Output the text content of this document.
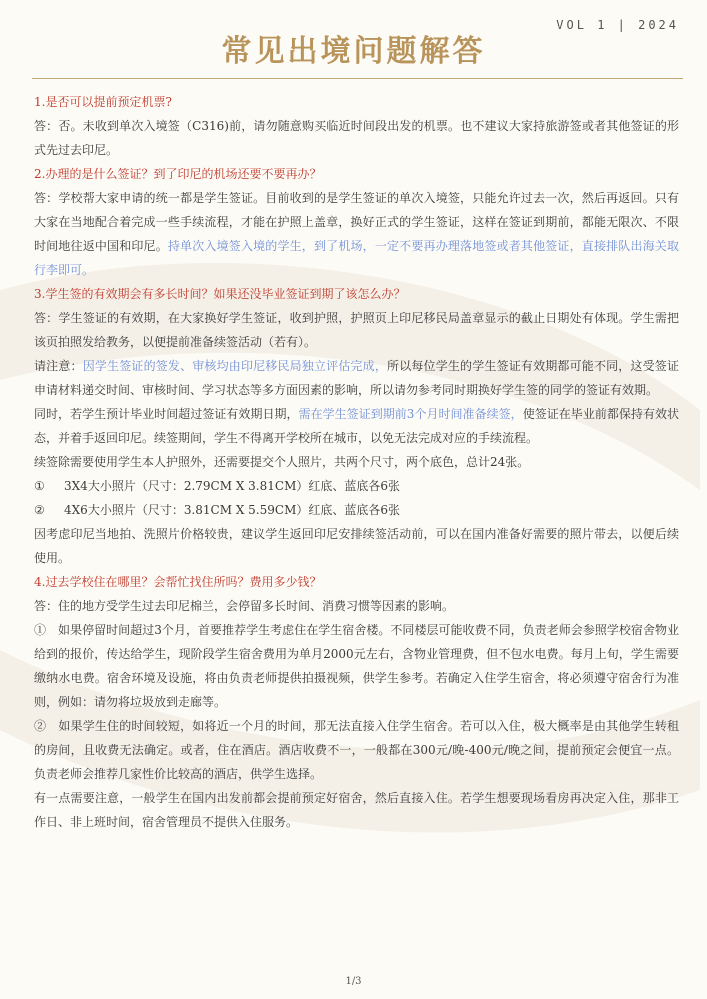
VOL 1 | 2024
常见出境问题解答

1.是否可以提前预定机票?

答：否。未收到单次入境签（C316)前，请勿随意购买临近时间段出发的机票。也不建议大家持旅游签或者其他签证的形式先过去印尼。

2.办理的是什么签证？到了印尼的机场还要不要再办？

答：学校帮大家申请的统一都是学生签证。目前收到的是学生签证的单次入境签，只能允许过去一次，然后再返回。只有大家在当地配合着完成一些手续流程，才能在护照上盖章，换好正式的学生签证，这样在签证到期前，都能无限次、不限时间地往返中国和印尼。持单次入境签入境的学生，到了机场，一定不要再办理落地签或者其他签证，直接排队出海关取行李即可。

3.学生签的有效期会有多长时间？如果还没毕业签证到期了该怎么办？

答：学生签证的有效期，在大家换好学生签证，收到护照，护照页上印尼移民局盖章显示的截止日期处有体现。学生需把该页拍照发给教务，以便提前准备续签活动（若有）。

请注意：因学生签证的签发、审核均由印尼移民局独立评估完成，所以每位学生的学生签证有效期都可能不同，这受签证申请材料递交时间、审核时间、学习状态等多方面因素的影响，所以请勿参考同时期换好学生签的同学的签证有效期。

同时，若学生预计毕业时间超过签证有效期日期，需在学生签证到期前3个月时间准备续签，使签证在毕业前都保持有效状态，并着手返回印尼。续签期间，学生不得离开学校所在城市，以免无法完成对应的手续流程。

续签除需要使用学生本人护照外，还需要提交个人照片，共两个尺寸，两个底色，总计24张。

① 3X4大小照片（尺寸：2.79CM X 3.81CM）红底、蓝底各6张

② 4X6大小照片（尺寸：3.81CM X 5.59CM）红底、蓝底各6张

因考虑印尼当地拍、洗照片价格较贵，建议学生返回印尼安排续签活动前，可以在国内准备好需要的照片带去，以便后续使用。

4.过去学校住在哪里？会帮忙找住所吗？费用多少钱？

答：住的地方受学生过去印尼棉兰，会停留多长时间、消费习惯等因素的影响。

①　如果停留时间超过3个月，首要推荐学生考虑住在学生宿舍楼。不同楼层可能收费不同，负责老师会参照学校宿舍物业给到的报价，传达给学生，现阶段学生宿舍费用为单月2000元左右，含物业管理费，但不包水电费。每月上旬，学生需要缴纳水电费。宿舍环境及设施，将由负责老师提供拍摄视频，供学生参考。若确定入住学生宿舍，将必须遵守宿舍行为准则，例如：请勿将垃圾放到走廊等。

②　如果学生住的时间较短，如将近一个月的时间，那无法直接入住学生宿舍。若可以入住，极大概率是由其他学生转租的房间，且收费无法确定。或者，住在酒店。酒店收费不一，一般都在300元/晚-400元/晚之间，提前预定会便宜一点。负责老师会推荐几家性价比较高的酒店，供学生选择。

有一点需要注意，一般学生在国内出发前都会提前预定好宿舍，然后直接入住。若学生想要现场看房再决定入住，那非工作日、非上班时间，宿舍管理员不提供入住服务。

1/3
